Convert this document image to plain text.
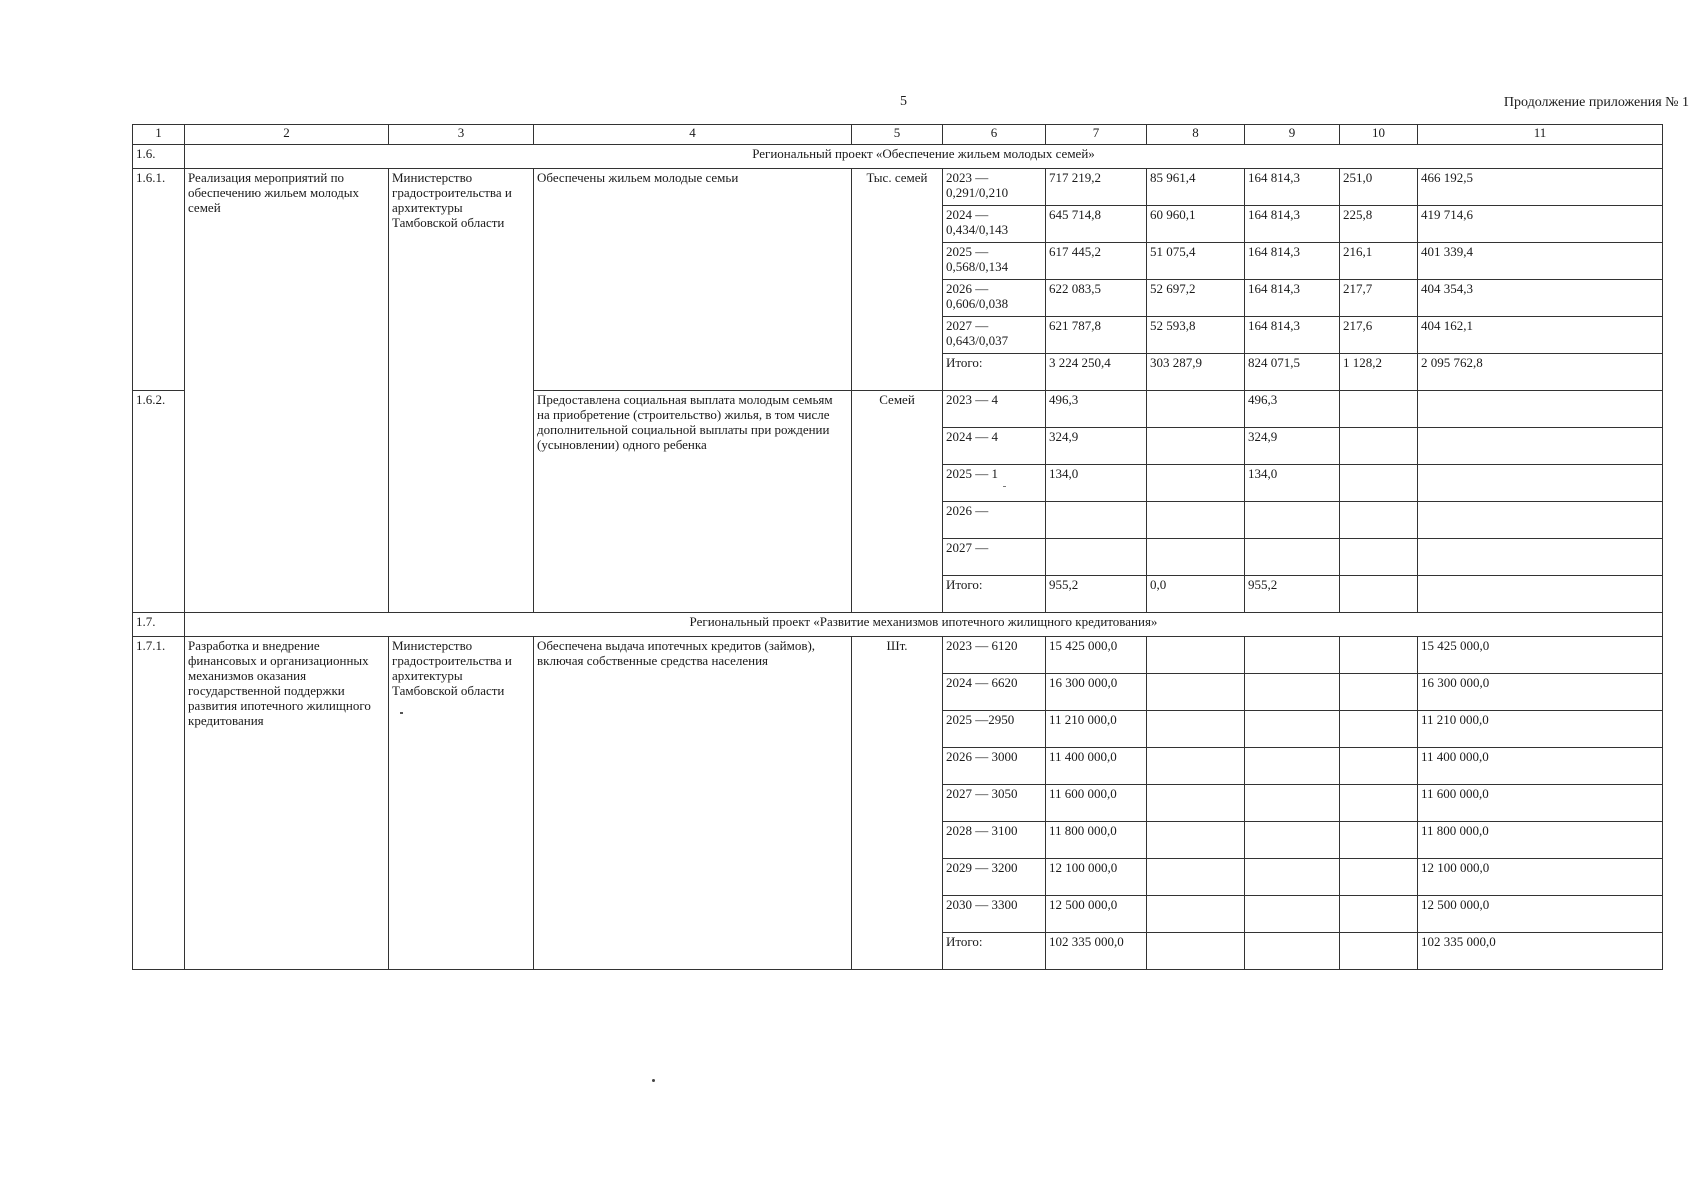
5	Продолжение приложения № 1
1	2	3	4	5	6	7	8	9	10	11
1.6.	Региональный проект «Обеспечение жильем молодых семей»									
1.6.1.	Реализация мероприятий по обеспечению жильем молодых семей	Министерство градостроительства и архитектуры Тамбовской области	Обеспечены жильем молодые семьи	Тыс. семей	2023 — 0,291/0,210	717 219,2	85 961,4	164 814,3	251,0	466 192,5
					2024 — 0,434/0,143	645 714,8	60 960,1	164 814,3	225,8	419 714,6
					2025 — 0,568/0,134	617 445,2	51 075,4	164 814,3	216,1	401 339,4
					2026 — 0,606/0,038	622 083,5	52 697,2	164 814,3	217,7	404 354,3
					2027 — 0,643/0,037	621 787,8	52 593,8	164 814,3	217,6	404 162,1
					Итого:	3 224 250,4	303 287,9	824 071,5	1 128,2	2 095 762,8
1.6.2.			Предоставлена социальная выплата молодым семьям на приобретение (строительство) жилья, в том числе дополнительной социальной выплаты при рождении (усыновлении) одного ребенка	Семей	2023 — 4	496,3		496,3		
					2024 — 4	324,9		324,9		
					2025 — 1	134,0		134,0		
					2026 —					
					2027 —					
					Итого:	955,2	0,0	955,2		
1.7.	Региональный проект «Развитие механизмов ипотечного жилищного кредитования»									
1.7.1.	Разработка и внедрение финансовых и организационных механизмов оказания государственной поддержки развития ипотечного жилищного кредитования	Министерство градостроительства и архитектуры Тамбовской области	Обеспечена выдача ипотечных кредитов (займов), включая собственные средства населения	Шт.	2023 — 6120	15 425 000,0				15 425 000,0
					2024 — 6620	16 300 000,0				16 300 000,0
					2025 —2950	11 210 000,0				11 210 000,0
					2026 — 3000	11 400 000,0				11 400 000,0
					2027 — 3050	11 600 000,0				11 600 000,0
					2028 — 3100	11 800 000,0				11 800 000,0
					2029 — 3200	12 100 000,0				12 100 000,0
					2030 — 3300	12 500 000,0				12 500 000,0
					Итого:	102 335 000,0				102 335 000,0
